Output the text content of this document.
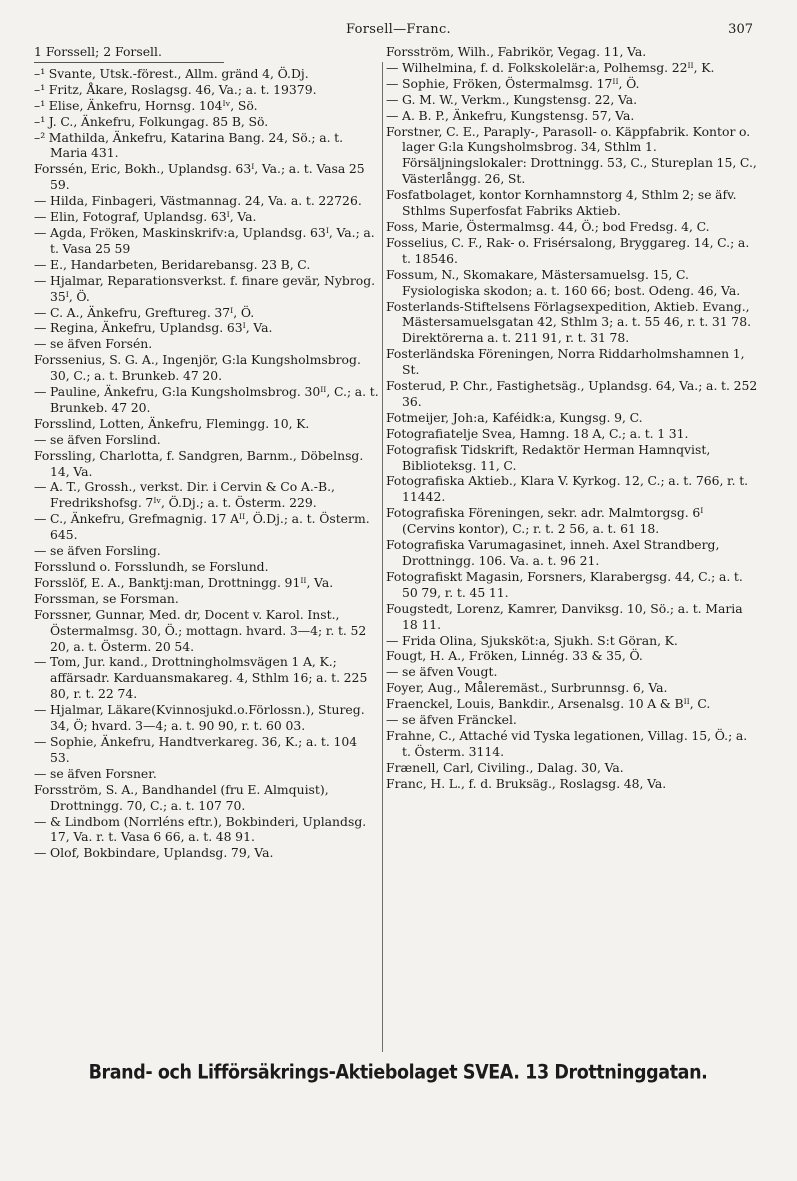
Forsell—Franc.	307
1 Forssell; 2 Forsell.

–¹ Svante, Utsk.-förest., Allm. gränd 4, Ö.Dj.

–¹ Fritz, Åkare, Roslagsg. 46, Va.; a. t. 19379.

–¹ Elise, Änkefru, Hornsg. 104ᴵᵛ, Sö.

–¹ J. C., Änkefru, Folkungag. 85 B, Sö.

–² Mathilda, Änkefru, Katarina Bang. 24, Sö.; a. t. Maria 431.

Forssén, Eric, Bokh., Uplandsg. 63ᴵ, Va.; a. t. Vasa 25 59.

— Hilda, Finbageri, Västmannag. 24, Va. a. t. 22726.

— Elin, Fotograf, Uplandsg. 63ᴵ, Va.

— Agda, Fröken, Maskinskrifv:a, Uplandsg. 63ᴵ, Va.; a. t. Vasa 25 59

— E., Handarbeten, Beridarebansg. 23 B, C.

— Hjalmar, Reparationsverkst. f. finare gevär, Nybrog. 35ᴵ, Ö.

— C. A., Änkefru, Greftureg. 37ᴵ, Ö.

— Regina, Änkefru, Uplandsg. 63ᴵ, Va.

— se äfven Forsén.

Forssenius, S. G. A., Ingenjör, G:la Kungsholmsbrog. 30, C.; a. t. Brunkeb. 47 20.

— Pauline, Änkefru, G:la Kungsholmsbrog. 30ᴵᴵ, C.; a. t. Brunkeb. 47 20.

Forsslind, Lotten, Änkefru, Flemingg. 10, K.

— se äfven Forslind.

Forssling, Charlotta, f. Sandgren, Barnm., Döbelnsg. 14, Va.

— A. T., Grossh., verkst. Dir. i Cervin & Co A.-B., Fredrikshofsg. 7ᴵᵛ, Ö.Dj.; a. t. Österm. 229.

— C., Änkefru, Grefmagnig. 17 Aᴵᴵ, Ö.Dj.; a. t. Österm. 645.

— se äfven Forsling.

Forsslund o. Forsslundh, se Forslund.

Forsslöf, E. A., Banktj:man, Drottningg. 91ᴵᴵ, Va.

Forssman, se Forsman.

Forssner, Gunnar, Med. dr, Docent v. Karol. Inst., Östermalmsg. 30, Ö.; mottagn. hvard. 3—4; r. t. 52 20, a. t. Österm. 20 54.

— Tom, Jur. kand., Drottningholmsvägen 1 A, K.; affärsadr. Karduansmakareg. 4, Sthlm 16; a. t. 225 80, r. t. 22 74.

— Hjalmar, Läkare(Kvinnosjukd.o.Förlossn.), Stureg. 34, Ö; hvard. 3—4; a. t. 90 90, r. t. 60 03.

— Sophie, Änkefru, Handtverkareg. 36, K.; a. t. 104 53.

— se äfven Forsner.

Forsström, S. A., Bandhandel (fru E. Almquist), Drottningg. 70, C.; a. t. 107 70.

— & Lindbom (Norrléns eftr.), Bokbinderi, Uplandsg. 17, Va. r. t. Vasa 6 66, a. t. 48 91.

— Olof, Bokbindare, Uplandsg. 79, Va.

Forsström, Wilh., Fabrikör, Vegag. 11, Va.

— Wilhelmina, f. d. Folkskolelär:a, Polhemsg. 22ᴵᴵ, K.

— Sophie, Fröken, Östermalmsg. 17ᴵᴵ, Ö.

— G. M. W., Verkm., Kungstensg. 22, Va.

— A. B. P., Änkefru, Kungstensg. 57, Va.

Forstner, C. E., Paraply-, Parasoll- o. Käppfabrik. Kontor o. lager G:la Kungsholmsbrog. 34, Sthlm 1. Försäljningslokaler: Drottningg. 53, C., Stureplan 15, C., Västerlångg. 26, St.

Fosfatbolaget, kontor Kornhamnstorg 4, Sthlm 2; se äfv. Sthlms Superfosfat Fabriks Aktieb.

Foss, Marie, Östermalmsg. 44, Ö.; bod Fredsg. 4, C.

Fosselius, C. F., Rak- o. Frisérsalong, Bryggareg. 14, C.; a. t. 18546.

Fossum, N., Skomakare, Mästersamuelsg. 15, C. Fysiologiska skodon; a. t. 160 66; bost. Odeng. 46, Va.

Fosterlands-Stiftelsens Förlagsexpedition, Aktieb. Evang., Mästersamuelsgatan 42, Sthlm 3; a. t. 55 46, r. t. 31 78. Direktörerna a. t. 211 91, r. t. 31 78.

Fosterländska Föreningen, Norra Riddarholmshamnen 1, St.

Fosterud, P. Chr., Fastighetsäg., Uplandsg. 64, Va.; a. t. 252 36.

Fotmeijer, Joh:a, Kaféidk:a, Kungsg. 9, C.

Fotografiatelje Svea, Hamng. 18 A, C.; a. t. 1 31.

Fotografisk Tidskrift, Redaktör Herman Hamnqvist, Biblioteksg. 11, C.

Fotografiska Aktieb., Klara V. Kyrkog. 12, C.; a. t. 766, r. t. 11442.

Fotografiska Föreningen, sekr. adr. Malmtorgsg. 6ᴵ (Cervins kontor), C.; r. t. 2 56, a. t. 61 18.

Fotografiska Varumagasinet, inneh. Axel Strandberg, Drottningg. 106. Va. a. t. 96 21.

Fotografiskt Magasin, Forsners, Klarabergsg. 44, C.; a. t. 50 79, r. t. 45 11.

Fougstedt, Lorenz, Kamrer, Danviksg. 10, Sö.; a. t. Maria 18 11.

— Frida Olina, Sjuksköt:a, Sjukh. S:t Göran, K.

Fougt, H. A., Fröken, Linnég. 33 & 35, Ö.

— se äfven Vougt.

Foyer, Aug., Måleremäst., Surbrunnsg. 6, Va.

Fraenckel, Louis, Bankdir., Arsenalsg. 10 A & Bᴵᴵ, C.

— se äfven Fränckel.

Frahne, C., Attaché vid Tyska legationen, Villag. 15, Ö.; a. t. Österm. 3114.

Frænell, Carl, Civiling., Dalag. 30, Va.

Franc, H. L., f. d. Bruksäg., Roslagsg. 48, Va.

Brand- och Lifförsäkrings-Aktiebolaget SVEA. 13 Drottninggatan.
